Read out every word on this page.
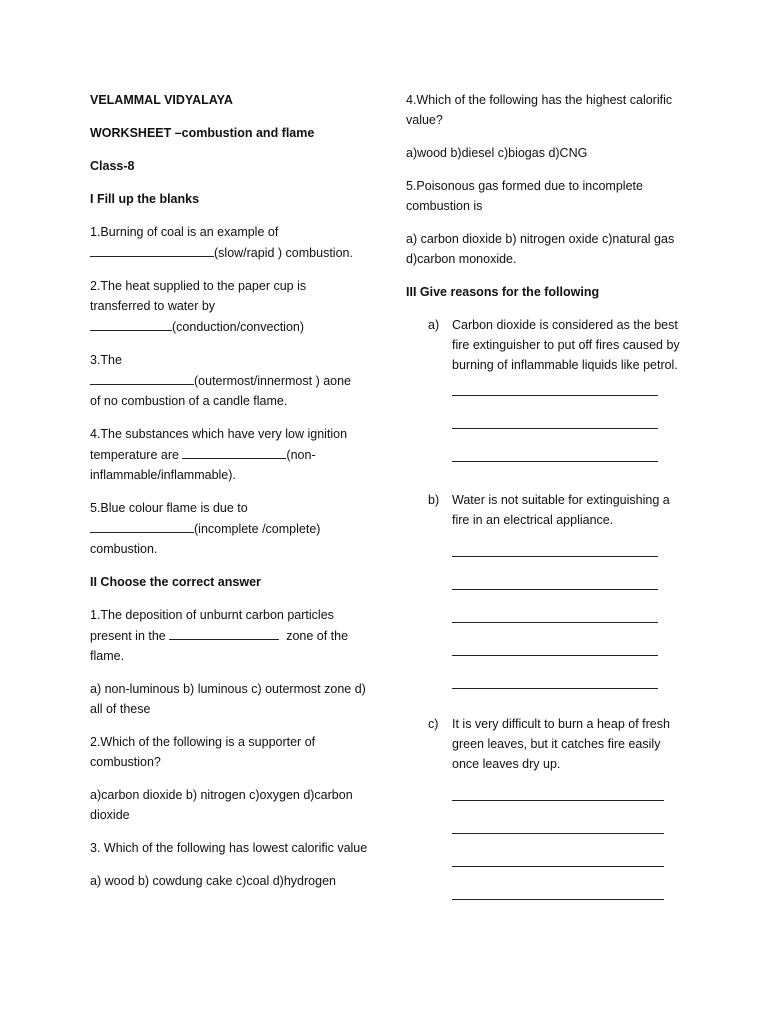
VELAMMAL VIDYALAYA

WORKSHEET –combustion and flame

Class-8

I Fill up the blanks

1.Burning of coal is an example of
(slow/rapid ) combustion.

2.The heat supplied to the paper cup is
transferred to water by
(conduction/convection)

3.The
(outermost/innermost ) aone
of no combustion of a candle flame.

4.The substances which have very low ignition
temperature are	(non-
inflammable/inflammable).

5.Blue colour flame is due to
(incomplete /complete)
combustion.

II Choose the correct answer

1.The deposition of unburnt carbon particles
present in the	zone of the
flame.

a) non-luminous b) luminous c) outermost zone d) all of these

2.Which of the following is a supporter of combustion?

a)carbon dioxide b) nitrogen c)oxygen d)carbon dioxide

3. Which of the following has lowest calorific value

a) wood b) cowdung cake c)coal d)hydrogen

4.Which of the following has the highest calorific value?

a)wood b)diesel c)biogas d)CNG

5.Poisonous gas formed due to incomplete combustion is

a) carbon dioxide b) nitrogen oxide c)natural gas d)carbon monoxide.

III Give reasons for the following

a) Carbon dioxide is considered as the best fire extinguisher to put off fires caused by burning of inflammable liquids like petrol.
b) Water is not suitable for extinguishing a fire in an electrical appliance.
c) It is very difficult to burn a heap of fresh green leaves, but it catches fire easily once leaves dry up.
